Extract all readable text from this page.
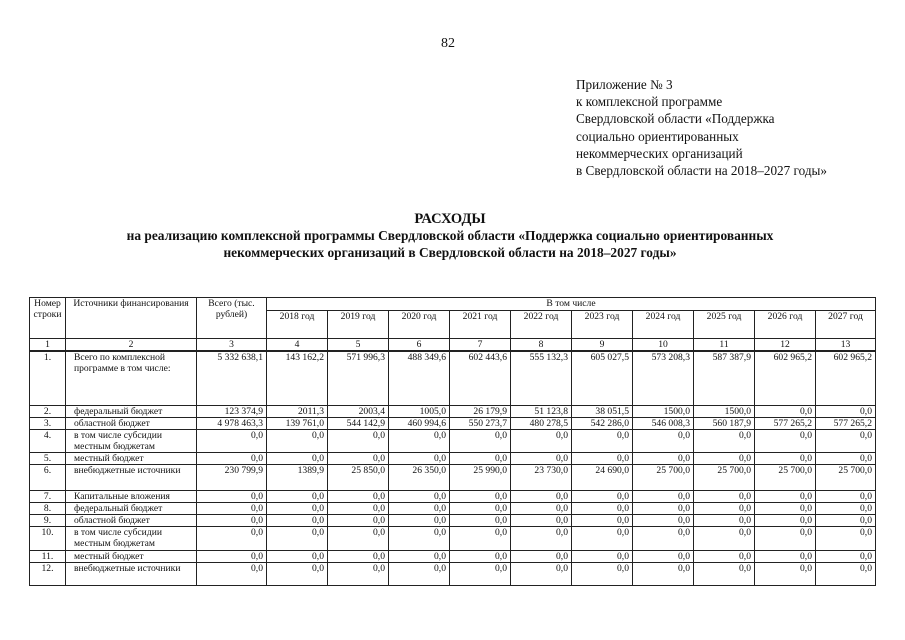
82
Приложение № 3
к комплексной программе
Свердловской области «Поддержка
социально ориентированных
некоммерческих организаций
в Свердловской области на 2018–2027 годы»
РАСХОДЫ
на реализацию комплексной программы Свердловской области «Поддержка социально ориентированных
некоммерческих организаций в Свердловской области на 2018–2027 годы»
Номер строки	Источники финансирования	Всего (тыс. рублей)	В том числе									
			2018 год	2019 год	2020 год	2021 год	2022 год	2023 год	2024 год	2025 год	2026 год	2027 год
1	2	3	4	5	6	7	8	9	10	11	12	13
1.	Всего по комплексной программе в том числе:	5 332 638,1	143 162,2	571 996,3	488 349,6	602 443,6	555 132,3	605 027,5	573 208,3	587 387,9	602 965,2	602 965,2
2.	федеральный бюджет	123 374,9	2011,3	2003,4	1005,0	26 179,9	51 123,8	38 051,5	1500,0	1500,0	0,0	0,0
3.	областной бюджет	4 978 463,3	139 761,0	544 142,9	460 994,6	550 273,7	480 278,5	542 286,0	546 008,3	560 187,9	577 265,2	577 265,2
4.	в том числе субсидии местным бюджетам	0,0	0,0	0,0	0,0	0,0	0,0	0,0	0,0	0,0	0,0	0,0
5.	местный бюджет	0,0	0,0	0,0	0,0	0,0	0,0	0,0	0,0	0,0	0,0	0,0
6.	внебюджетные источники	230 799,9	1389,9	25 850,0	26 350,0	25 990,0	23 730,0	24 690,0	25 700,0	25 700,0	25 700,0	25 700,0
7.	Капитальные вложения	0,0	0,0	0,0	0,0	0,0	0,0	0,0	0,0	0,0	0,0	0,0
8.	федеральный бюджет	0,0	0,0	0,0	0,0	0,0	0,0	0,0	0,0	0,0	0,0	0,0
9.	областной бюджет	0,0	0,0	0,0	0,0	0,0	0,0	0,0	0,0	0,0	0,0	0,0
10.	в том числе субсидии местным бюджетам	0,0	0,0	0,0	0,0	0,0	0,0	0,0	0,0	0,0	0,0	0,0
11.	местный бюджет	0,0	0,0	0,0	0,0	0,0	0,0	0,0	0,0	0,0	0,0	0,0
12.	внебюджетные источники	0,0	0,0	0,0	0,0	0,0	0,0	0,0	0,0	0,0	0,0	0,0
